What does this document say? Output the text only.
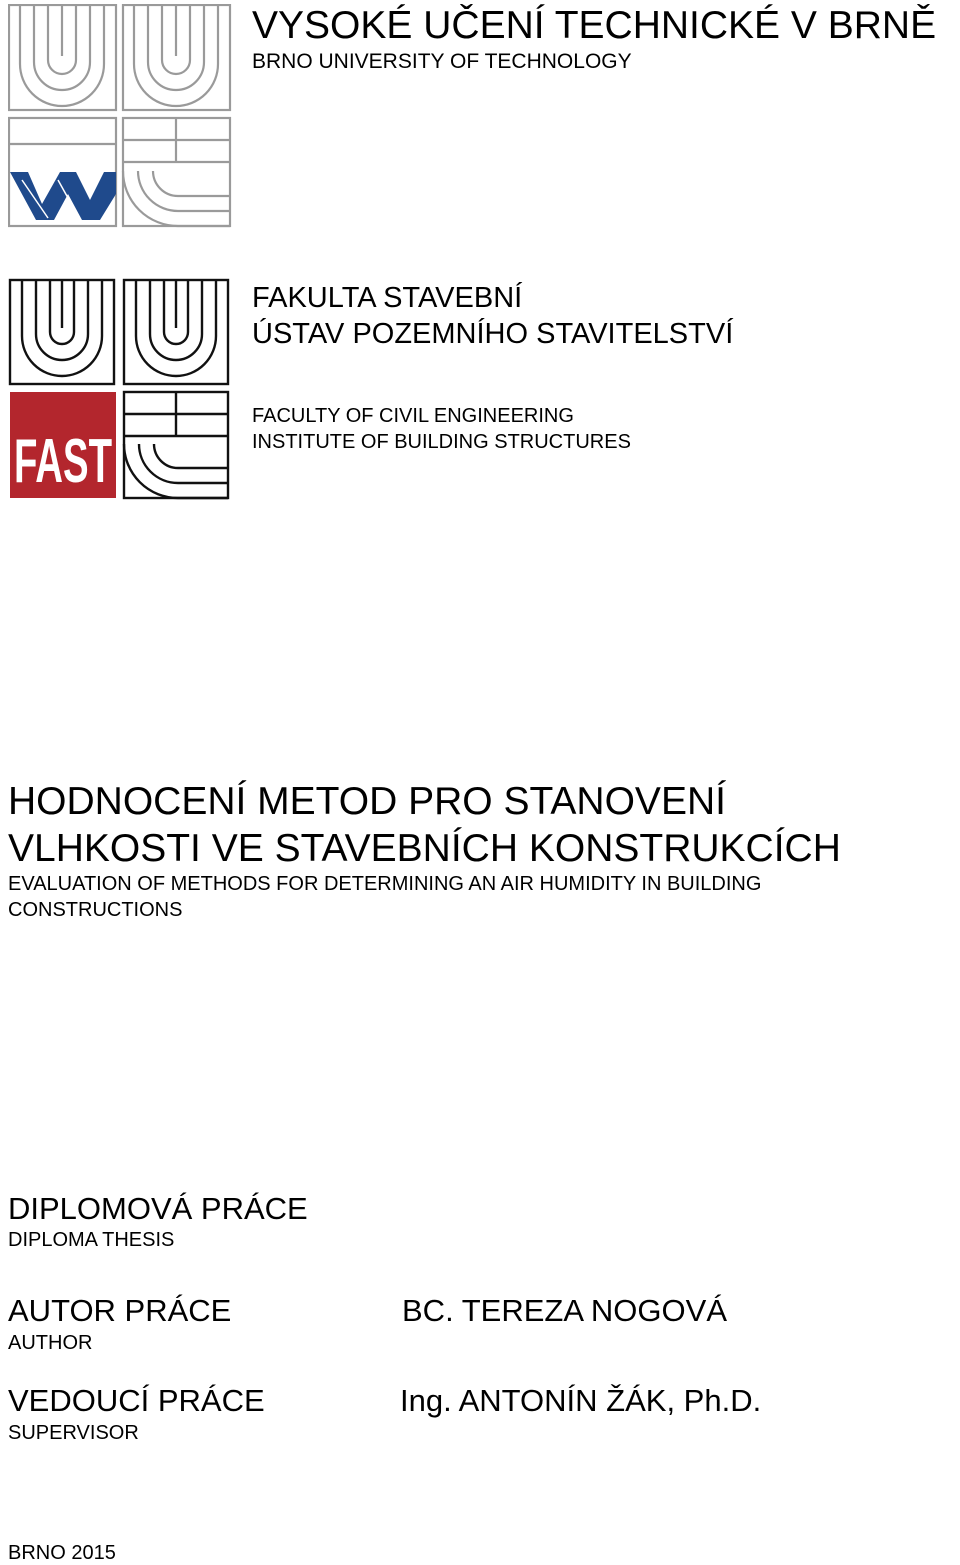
VYSOKÉ UČENÍ TECHNICKÉ V BRNĚ
BRNO UNIVERSITY OF TECHNOLOGY
FAST
FAKULTA STAVEBNÍ
ÚSTAV POZEMNÍHO STAVITELSTVÍ
FACULTY OF CIVIL ENGINEERING
INSTITUTE OF BUILDING STRUCTURES
HODNOCENÍ METOD PRO STANOVENÍ
VLHKOSTI VE STAVEBNÍCH KONSTRUKCÍCH
EVALUATION OF METHODS FOR DETERMINING AN AIR HUMIDITY IN BUILDING
CONSTRUCTIONS
DIPLOMOVÁ PRÁCE
DIPLOMA THESIS
AUTOR PRÁCE
AUTHOR
BC. TEREZA NOGOVÁ
VEDOUCÍ PRÁCE
SUPERVISOR
Ing. ANTONÍN ŽÁK, Ph.D.
BRNO 2015
